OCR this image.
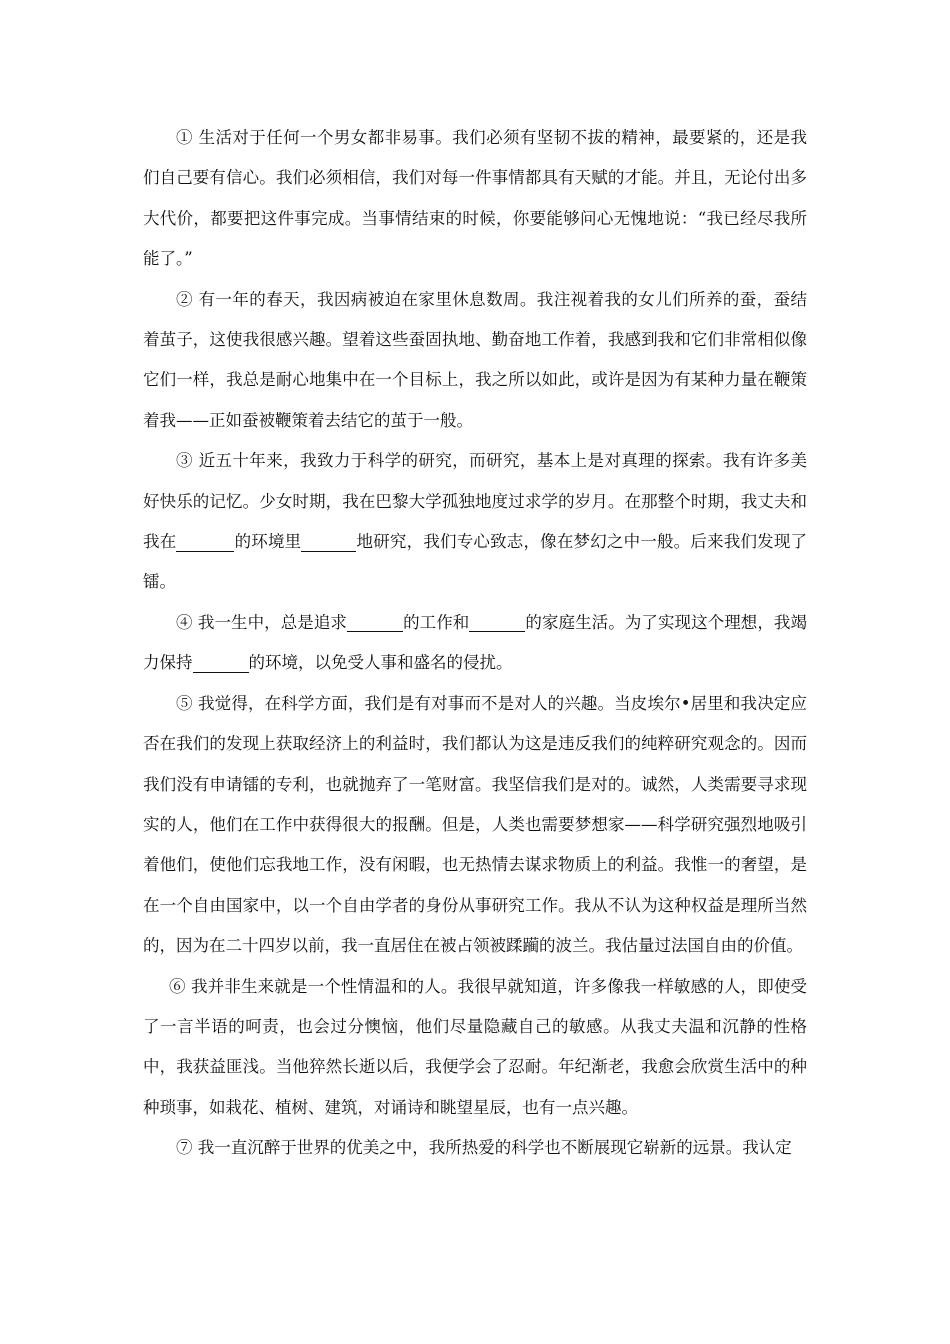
① 生活对于任何一个男女都非易事。我们必须有坚韧不拔的精神，最要紧的，还是我们自己要有信心。我们必须相信，我们对每一件事情都具有天赋的才能。并且，无论付出多大代价，都要把这件事完成。当事情结束的时候，你要能够问心无愧地说：“我已经尽我所能了。”

② 有一年的春天，我因病被迫在家里休息数周。我注视着我的女儿们所养的蚕，蚕结着茧子，这使我很感兴趣。望着这些蚕固执地、勤奋地工作着，我感到我和它们非常相似像它们一样，我总是耐心地集中在一个目标上，我之所以如此，或许是因为有某种力量在鞭策着我——正如蚕被鞭策着去结它的茧于一般。

③ 近五十年来，我致力于科学的研究，而研究，基本上是对真理的探索。我有许多美好快乐的记忆。少女时期，我在巴黎大学孤独地度过求学的岁月。在那整个时期，我丈夫和我在	的环境里	地研究，我们专心致志，像在梦幻之中一般。后来我们发现了镭。

④ 我一生中，总是追求	的工作和	的家庭生活。为了实现这个理想，我竭力保持	的环境，以免受人事和盛名的侵扰。

⑤ 我觉得，在科学方面，我们是有对事而不是对人的兴趣。当皮埃尔•居里和我决定应否在我们的发现上获取经济上的利益时，我们都认为这是违反我们的纯粹研究观念的。因而我们没有申请镭的专利，也就抛弃了一笔财富。我坚信我们是对的。诚然，人类需要寻求现实的人，他们在工作中获得很大的报酬。但是，人类也需要梦想家——科学研究强烈地吸引着他们，使他们忘我地工作，没有闲暇，也无热情去谋求物质上的利益。我惟一的奢望，是在一个自由国家中，以一个自由学者的身份从事研究工作。我从不认为这种权益是理所当然的，因为在二十四岁以前，我一直居住在被占领被蹂躏的波兰。我估量过法国自由的价值。

⑥ 我并非生来就是一个性情温和的人。我很早就知道，许多像我一样敏感的人，即使受了一言半语的呵责，也会过分懊恼，他们尽量隐藏自己的敏感。从我丈夫温和沉静的性格中，我获益匪浅。当他猝然长逝以后，我便学会了忍耐。年纪渐老，我愈会欣赏生活中的种种琐事，如栽花、植树、建筑，对诵诗和眺望星辰，也有一点兴趣。

⑦ 我一直沉醉于世界的优美之中，我所热爱的科学也不断展现它崭新的远景。我认定
